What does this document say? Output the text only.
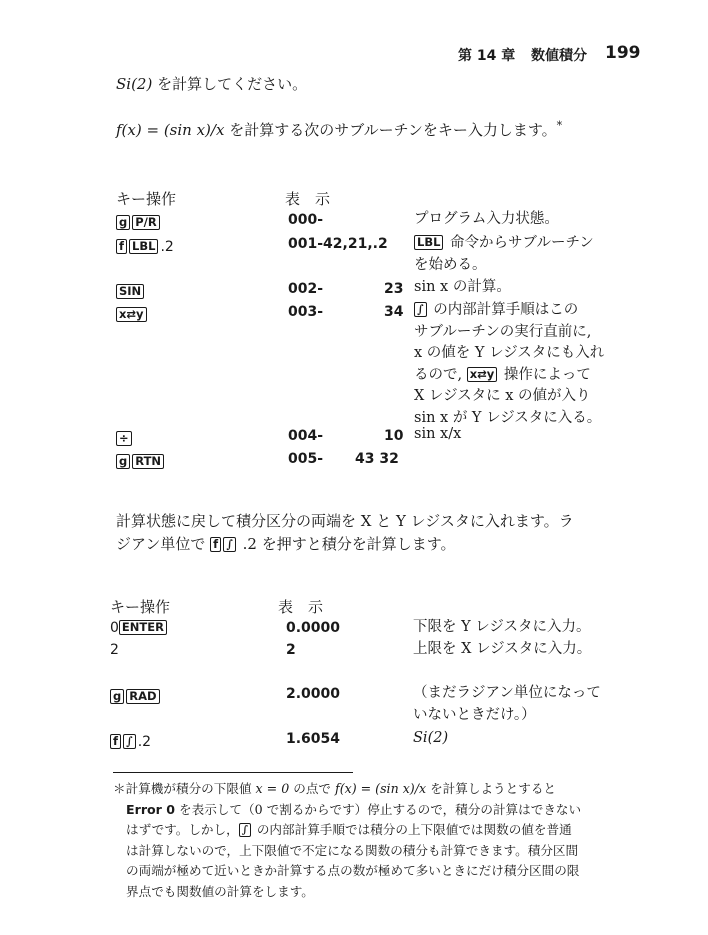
第 14 章 数値積分 199
Si(2) を計算してください。
f(x) = (sin x)/x を計算する次のサブルーチンをキー入力します。*
キー操作	表　示
g P/R	000-	プログラム入力状態。
f LBL .2	001-42,21,.2	LBL 命令からサブルーチン
を始める。
SIN	002-	23 sin x の計算。
x⇄y	003-	34 ∫ の内部計算手順はこの
サブルーチンの実行直前に,
x の値を Y レジスタにも入れ
るので, x⇄y 操作によって
X レジスタに x の値が入り
sin x が Y レジスタに入る。
÷	004-	10 sin x/x
g RTN	005- 43 32
計算状態に戻して積分区分の両端を X と Y レジスタに入れます。ラ
ジアン単位で f ∫ .2 を押すと積分を計算します。
キー操作	表　示
0 ENTER	0.0000	下限を Y レジスタに入力。
2	2	上限を X レジスタに入力。
g RAD	2.0000	（まだラジアン単位になって
いないときだけ。）
f ∫ .2	1.6054	Si(2)
＊計算機が積分の下限値 x = 0 の点で f(x) = (sin x)/x を計算しようとすると
Error 0 を表示して（0 で割るからです）停止するので，積分の計算はできない
はずです。しかし， ∫ の内部計算手順では積分の上下限値では関数の値を普通
は計算しないので，上下限値で不定になる関数の積分も計算できます。積分区間
の両端が極めて近いときか計算する点の数が極めて多いときにだけ積分区間の限
界点でも関数値の計算をします。
